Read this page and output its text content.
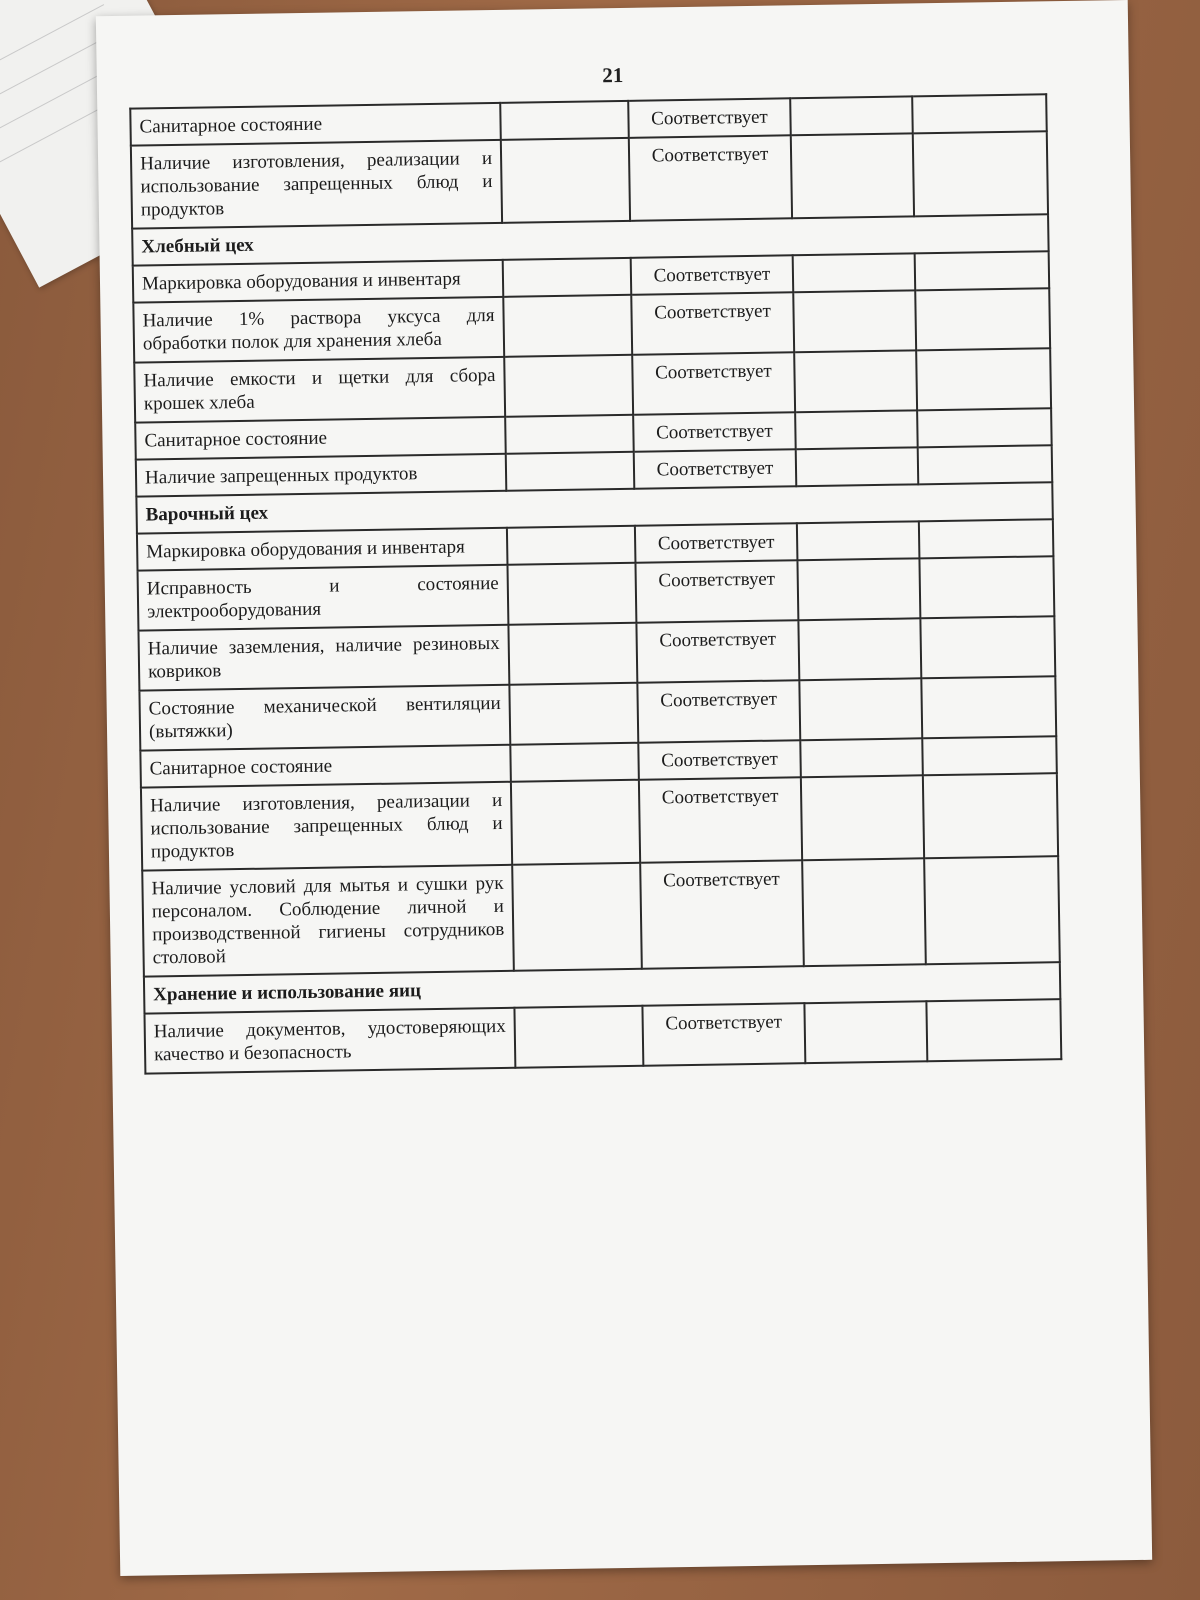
21
Санитарное состояние		Соответствует		
Наличие изготовления, реализации и использование запрещенных блюд и продуктов		Соответствует		
Хлебный цех				
Маркировка оборудования и инвентаря		Соответствует		
Наличие 1% раствора уксуса для обработки полок для хранения хлеба		Соответствует		
Наличие емкости и щетки для сбора крошек хлеба		Соответствует		
Санитарное состояние		Соответствует		
Наличие запрещенных продуктов		Соответствует		
Варочный цех				
Маркировка оборудования и инвентаря		Соответствует		
Исправность и состояние электрооборудования		Соответствует		
Наличие заземления, наличие резиновых ковриков		Соответствует		
Состояние механической вентиляции (вытяжки)		Соответствует		
Санитарное состояние		Соответствует		
Наличие изготовления, реализации и использование запрещенных блюд и продуктов		Соответствует		
Наличие условий для мытья и сушки рук персоналом. Соблюдение личной и производственной гигиены сотрудников столовой		Соответствует		
Хранение и использование яиц				
Наличие документов, удостоверяющих качество и безопасность		Соответствует		
